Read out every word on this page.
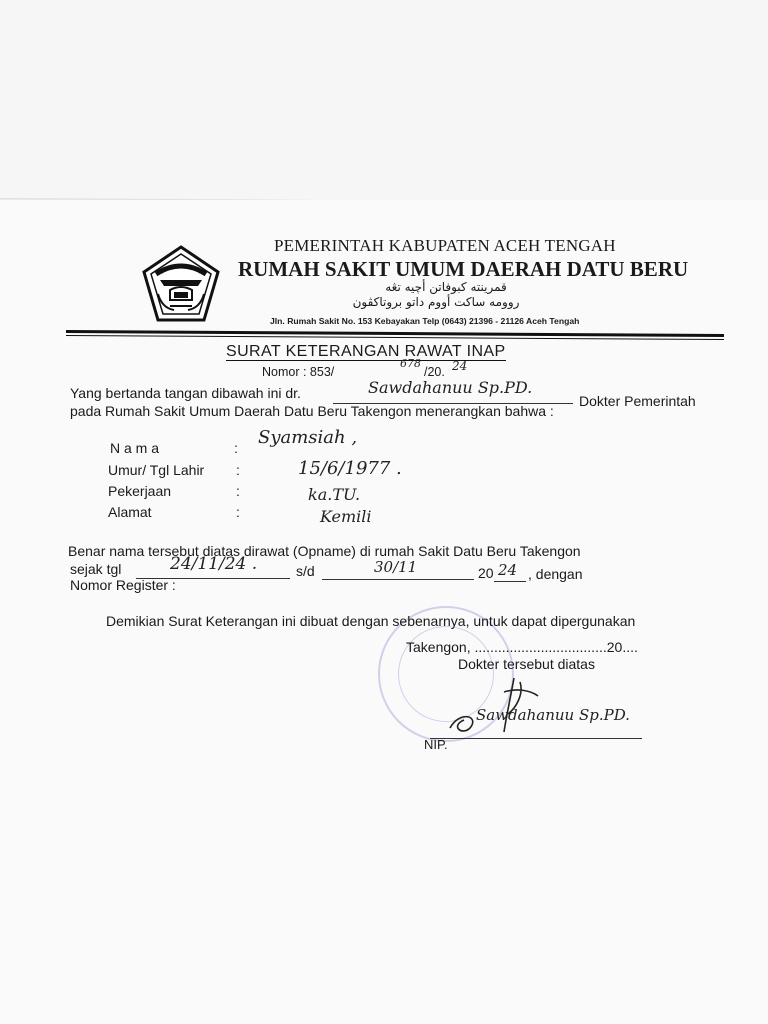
PEMERINTAH KABUPATEN ACEH TENGAH
RUMAH SAKIT UMUM DAERAH DATU BERU
قمرينته كبوفاتن أچيه تڠه
روومه ساكت أووم داتو بروتاكڤون
Jln. Rumah Sakit No. 153 Kebayakan Telp (0643) 21396 - 21126 Aceh Tengah
SURAT KETERANGAN RAWAT INAP
Nomor : 853/
678
/20. 24
Yang bertanda tangan dibawah ini dr.	Sawdahanuu Sp.PD.
Dokter Pemerintah
pada Rumah Sakit Umum Daerah Datu Beru Takengon menerangkan bahwa :
N a m a	: Syamsiah ,
Umur/ Tgl Lahir :	15/6/1977 .
Pekerjaan	:	ka.TU.
Alamat	:	Kemili
Benar nama tersebut diatas dirawat (Opname) di rumah Sakit Datu Beru Takengon
sejak tgl	24/11/24 .	s/d	30/11	20 24 , dengan
Nomor Register :
Demikian Surat Keterangan ini dibuat dengan sebenarnya, untuk dapat dipergunakan
Takengon, ..................................20....
Dokter tersebut diatas
Sawdahanuu Sp.PD.
NIP.
